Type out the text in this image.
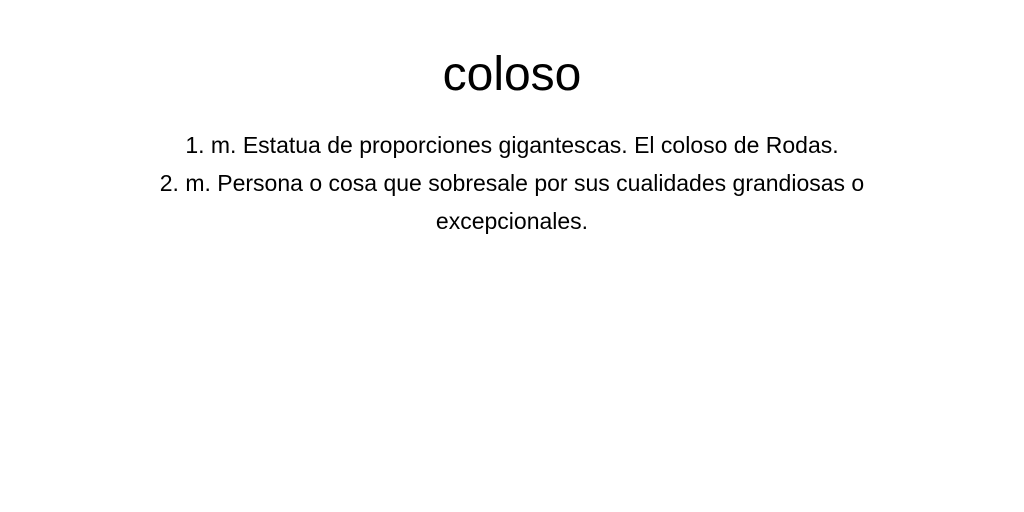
coloso
1. m. Estatua de proporciones gigantescas. El coloso de Rodas.
2. m. Persona o cosa que sobresale por sus cualidades grandiosas o excepcionales.
